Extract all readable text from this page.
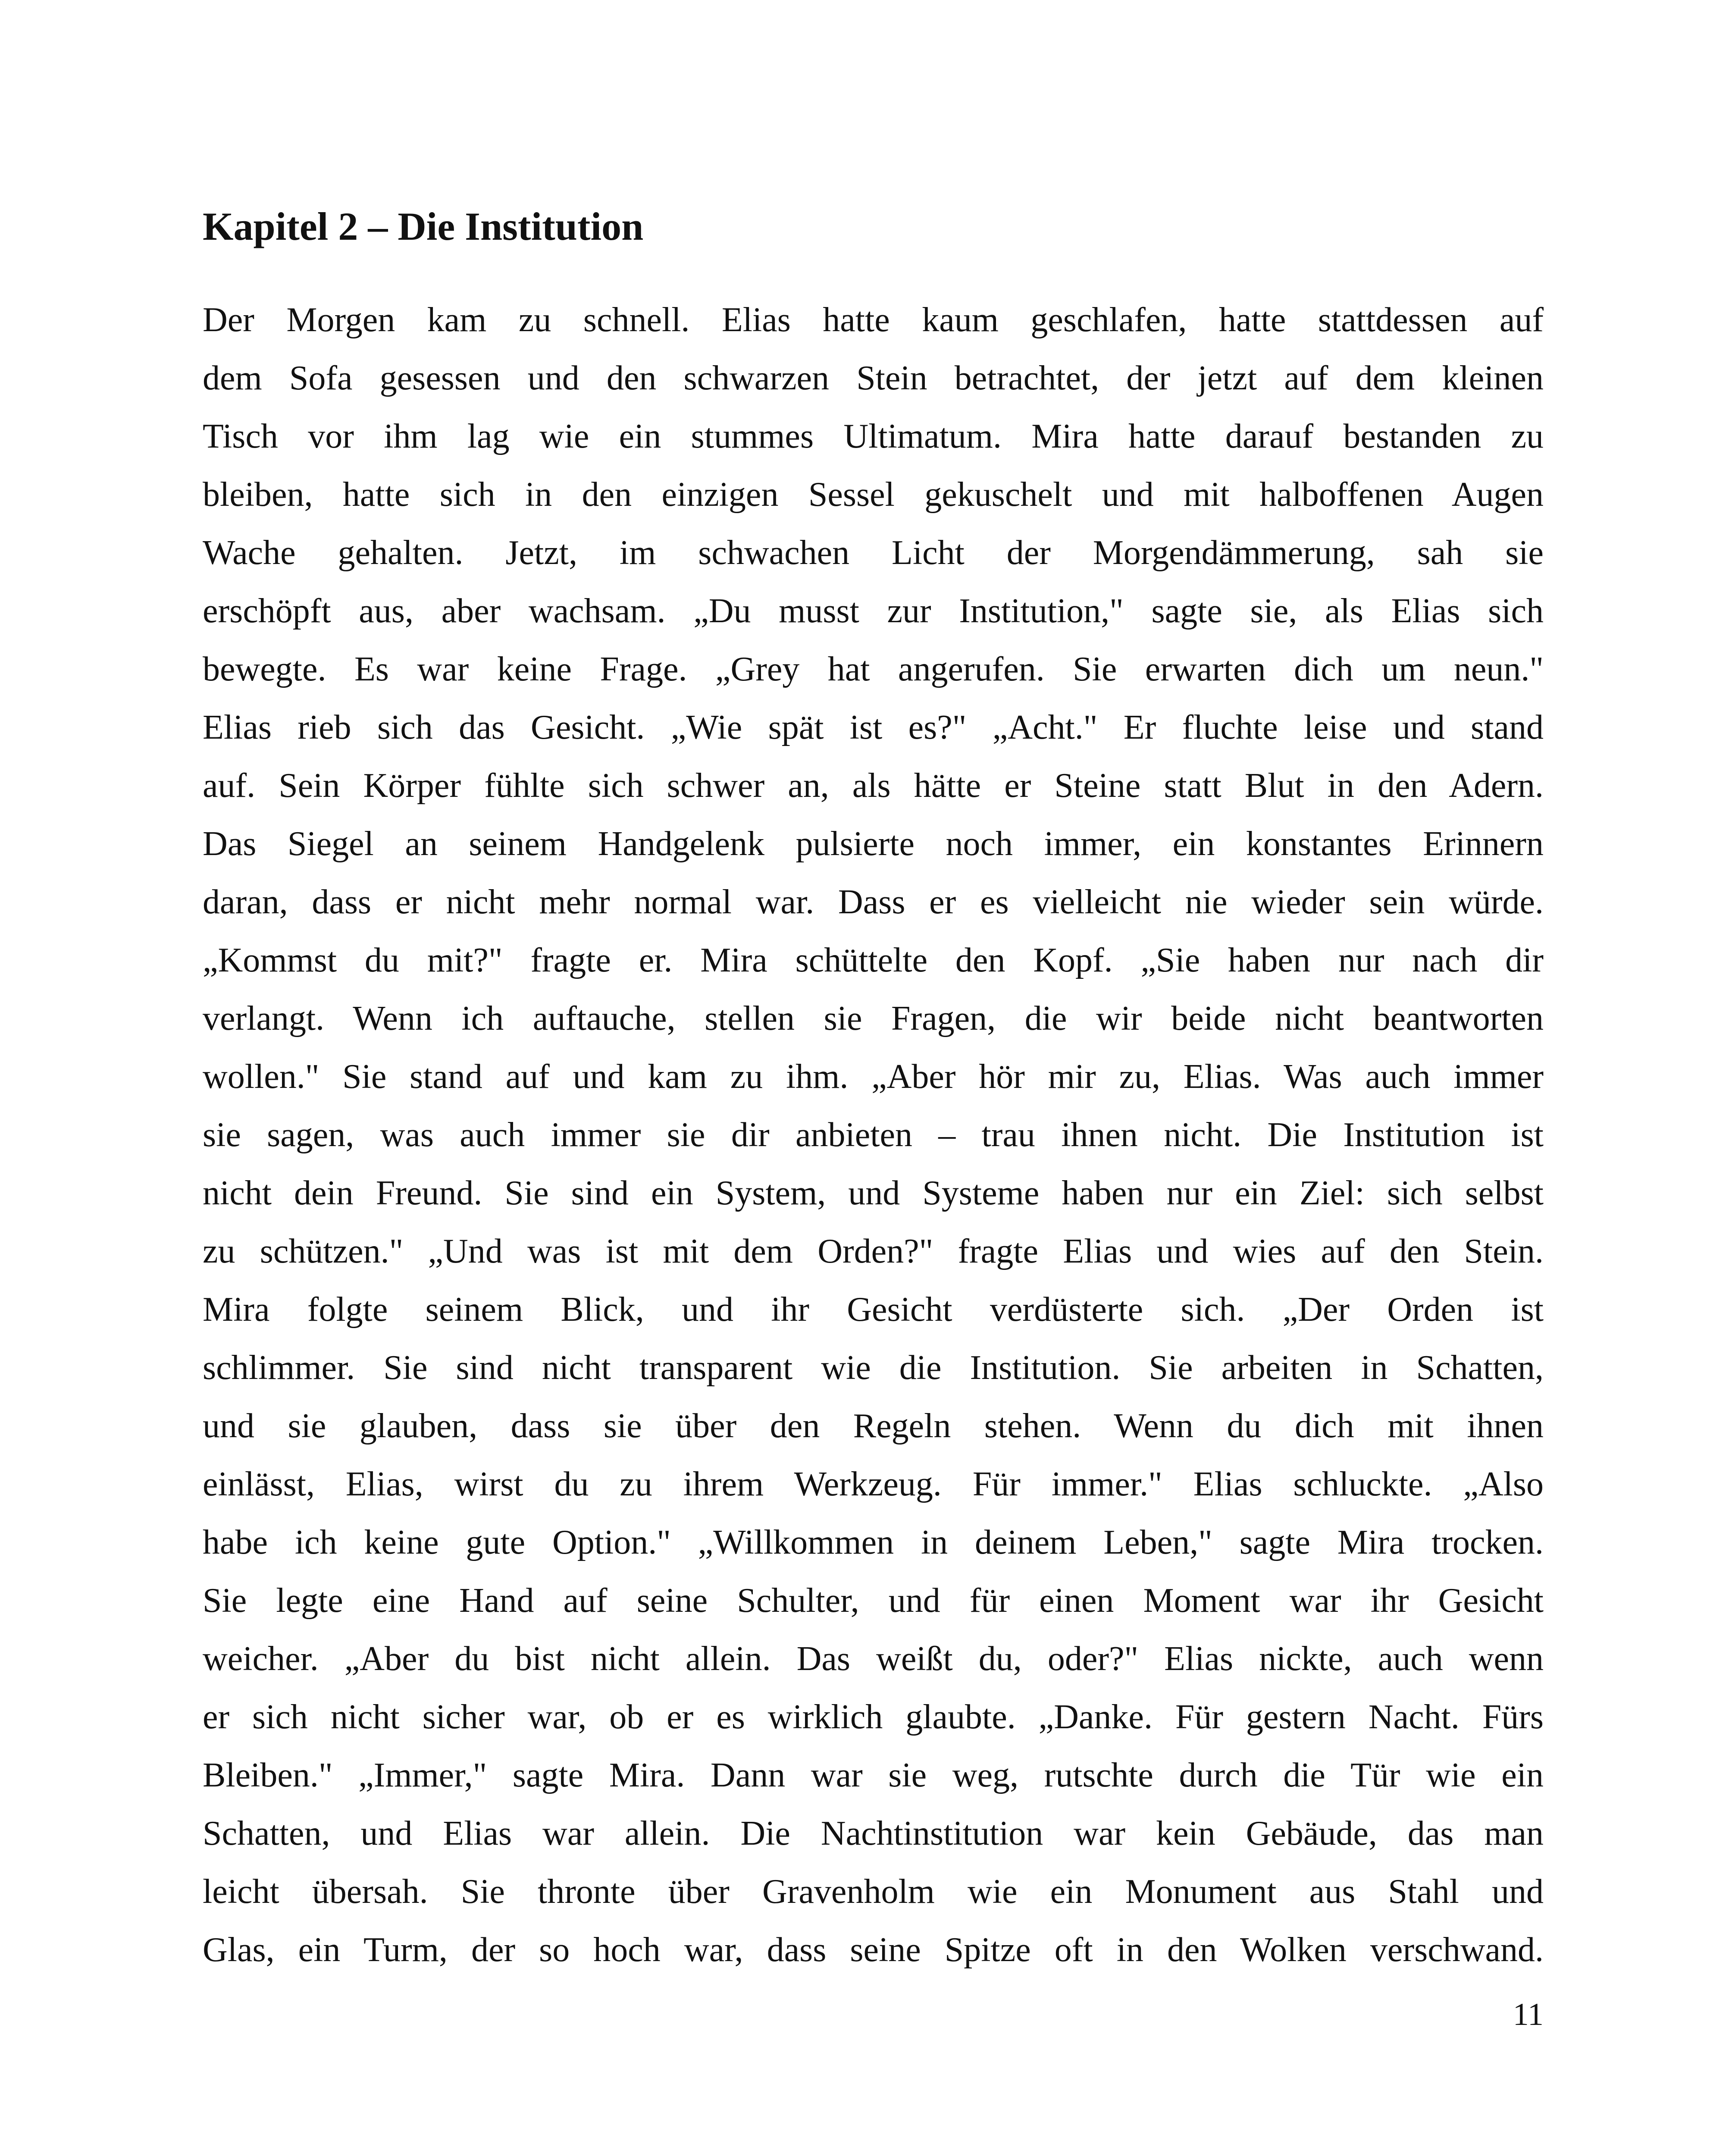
Kapitel 2 – Die Institution
Der Morgen kam zu schnell. Elias hatte kaum geschlafen, hatte stattdessen auf
dem Sofa gesessen und den schwarzen Stein betrachtet, der jetzt auf dem kleinen
Tisch vor ihm lag wie ein stummes Ultimatum. Mira hatte darauf bestanden zu
bleiben, hatte sich in den einzigen Sessel gekuschelt und mit halboffenen Augen
Wache gehalten. Jetzt, im schwachen Licht der Morgendämmerung, sah sie
erschöpft aus, aber wachsam. „Du musst zur Institution," sagte sie, als Elias sich
bewegte. Es war keine Frage. „Grey hat angerufen. Sie erwarten dich um neun."
Elias rieb sich das Gesicht. „Wie spät ist es?" „Acht." Er fluchte leise und stand
auf. Sein Körper fühlte sich schwer an, als hätte er Steine statt Blut in den Adern.
Das Siegel an seinem Handgelenk pulsierte noch immer, ein konstantes Erinnern
daran, dass er nicht mehr normal war. Dass er es vielleicht nie wieder sein würde.
„Kommst du mit?" fragte er. Mira schüttelte den Kopf. „Sie haben nur nach dir
verlangt. Wenn ich auftauche, stellen sie Fragen, die wir beide nicht beantworten
wollen." Sie stand auf und kam zu ihm. „Aber hör mir zu, Elias. Was auch immer
sie sagen, was auch immer sie dir anbieten – trau ihnen nicht. Die Institution ist
nicht dein Freund. Sie sind ein System, und Systeme haben nur ein Ziel: sich selbst
zu schützen." „Und was ist mit dem Orden?" fragte Elias und wies auf den Stein.
Mira folgte seinem Blick, und ihr Gesicht verdüsterte sich. „Der Orden ist
schlimmer. Sie sind nicht transparent wie die Institution. Sie arbeiten in Schatten,
und sie glauben, dass sie über den Regeln stehen. Wenn du dich mit ihnen
einlässt, Elias, wirst du zu ihrem Werkzeug. Für immer." Elias schluckte. „Also
habe ich keine gute Option." „Willkommen in deinem Leben," sagte Mira trocken.
Sie legte eine Hand auf seine Schulter, und für einen Moment war ihr Gesicht
weicher. „Aber du bist nicht allein. Das weißt du, oder?" Elias nickte, auch wenn
er sich nicht sicher war, ob er es wirklich glaubte. „Danke. Für gestern Nacht. Fürs
Bleiben." „Immer," sagte Mira. Dann war sie weg, rutschte durch die Tür wie ein
Schatten, und Elias war allein. Die Nachtinstitution war kein Gebäude, das man
leicht übersah. Sie thronte über Gravenholm wie ein Monument aus Stahl und
Glas, ein Turm, der so hoch war, dass seine Spitze oft in den Wolken verschwand.

11
